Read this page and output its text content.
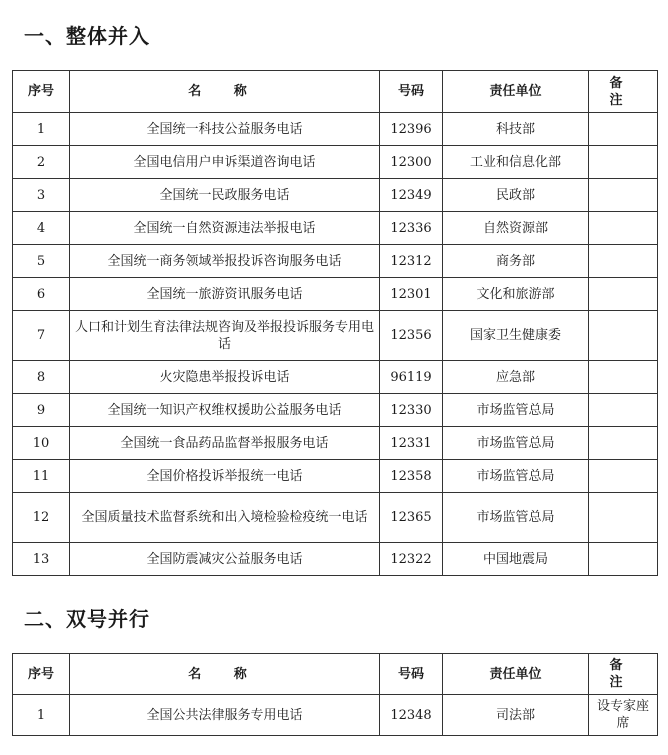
一、整体并入
序号	名 称	号码	责任单位	备 注
1	全国统一科技公益服务电话	12396	科技部	
2	全国电信用户申诉渠道咨询电话	12300	工业和信息化部	
3	全国统一民政服务电话	12349	民政部	
4	全国统一自然资源违法举报电话	12336	自然资源部	
5	全国统一商务领域举报投诉咨询服务电话	12312	商务部	
6	全国统一旅游资讯服务电话	12301	文化和旅游部	
7	人口和计划生育法律法规咨询及举报投诉服务专用电话	12356	国家卫生健康委	
8	火灾隐患举报投诉电话	96119	应急部	
9	全国统一知识产权维权援助公益服务电话	12330	市场监管总局	
10	全国统一食品药品监督举报服务电话	12331	市场监管总局	
11	全国价格投诉举报统一电话	12358	市场监管总局	
12	全国质量技术监督系统和出入境检验检疫统一电话	12365	市场监管总局	
13	全国防震减灾公益服务电话	12322	中国地震局	
二、双号并行
序号	名 称	号码	责任单位	备 注
1	全国公共法律服务专用电话	12348	司法部	设专家座席
